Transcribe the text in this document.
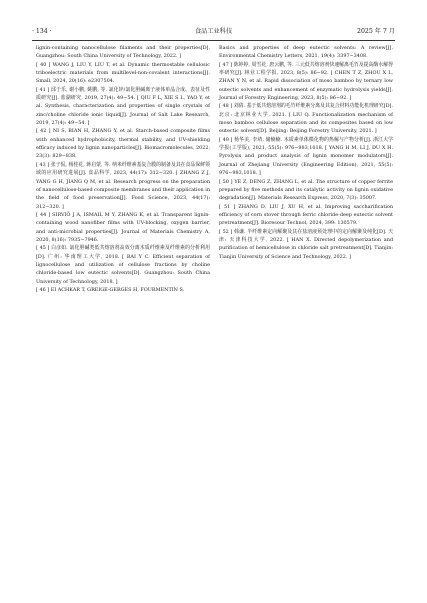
· 134 ·	食品工业科技	2025 年 7 月

lignin-containing nanocellulose filaments and their properties[D]. Guangzhou: South China University of Technology, 2022. ]

[ 40 ] WANG J, LIU Y, LIU T, et al. Dynamic thermostable cellulosic triboelectric materials from multilevel-non-covalent interactions[J]. Small, 2024, 20(16): e2307504.

[ 41 ] 邱于乐, 谢小鹏, 姚鹏, 等. 氯化锌/氯化胆碱离子液体单晶合成、表征及性质研究[J]. 盐湖研究, 2019, 27(4): 49−54. [ QIU F L, XIE S L, YAO Y, et al. Synthesis, characterization and properties of single crystals of zinc/choline chloride ionic liquid[J]. Journal of Salt Lake Research, 2019, 27(4): 49−54. ]

[ 42 ] NI S, BIAN H, ZHANG Y, et al. Starch-based composite films with enhanced hydrophobicity, thermal stability, and UV-shielding efficacy induced by lignin nanoparticles[J]. Biomacromolecules, 2022, 23(3): 829−838.

[ 43 ] 张子侃, 杨桂花, 蒋启蒙, 等. 纳米纤维素基复合膜的制备及其在食品保鲜领域的应用研究进展[J]. 食品科学, 2023, 44(17): 312−320. [ ZHANG Z J, YANG G H, JIANG Q M, et al. Research progress on the preparation of nanocellulose-based composite membranes and their application in the field of food preservation[J]. Food Science, 2023, 44(17): 312−320. ]

[ 44 ] SIRVIÖ J A, ISMAIL M Y, ZHANG K, et al. Transparent lignin-containing wood nanofiber films with UV-blocking, oxygen barrier, and anti-microbial properties[J]. Journal of Materials Chemistry A, 2020, 8(16): 7935−7946.

[ 45 ] 白彦如. 氯化胆碱类低共熔溶剂高效分离木质纤维素及纤维素的分析利用[D]. 广州: 华南理工大学, 2018. [ BAI Y C. Efficient separation of lignocellulose and utilization of cellulose fractions by choline chloride-based low eutectic solvents[D]. Guangzhou: South China University of Technology, 2018. ]

[ 46 ] EI ACHKAR T, GREIGE-GERGES H, FOURMENTIN S.

Basics and properties of deep eutectic solvents: A review[J]. Environmental Chemistry Letters, 2021, 19(4): 3397−3408.

[ 47 ] 陈婷婷, 周雪花, 唐云鹏, 等. 三元低共熔溶剂快速解离毛竹及提高酶水解得率研究[J]. 林业工程学报, 2023, 8(5): 86−92. [ CHEN T Z, ZHOU X L, ZHAN Y N, et al. Rapid dissociation of moso bamboo by ternary low eutectic solvents and enhancement of enzymatic hydrolysis yields[J]. Journal of Forestry Engineering, 2023, 8(5): 86−92. ]

[ 48 ] 刘倩. 基于低共熔溶剂的毛竹纤维素分离及其复合材料功能化机理研究[D]. 北京: 北京林业大学, 2021. [ LIU Q. Functionalization mechanism of moso bamboo cellulose separation and its composites based on low eutectic solvent[D]. Beijing: Beijing Forestry University, 2021. ]

[ 49 ] 杨华美, 李靖, 储楠楠. 木质素单体模化物的热解与产物分析[J]. 浙江大学学报(工学版), 2021, 55(5): 976−983,1018. [ YANG H M, LI J, DU X H. Pyrolysis and product analysis of lignin monomer modulators[J]. Journal of Zhejiang University (Engineering Edition), 2021, 55(5): 976−983,1018. ]

[ 50 ] YE Z, DENG Z, ZHANG L, et al. The structure of copper ferrite prepared by five methods and its catalytic activity on lignin oxidative degradation[J]. Materials Research Express, 2020, 7(3): 35007.

[ 51 ] ZHANG D, LIU J, XU H, et al. Improving saccharification efficiency of corn stover through ferric chloride-deep eutectic solvent pretreatment[J]. Bioresour Technol, 2024, 399: 130579.

[ 52 ] 韩谦. 半纤维素定向解聚及其在盐溶液预处理中的定向解聚及纯化[D]. 天津: 天津科技大学, 2022. [ HAN X. Directed depolymerization and purification of hemicellulose in chloride salt pretreatment[D]. Tianjin: Tianjin University of Science and Technology, 2022. ]
